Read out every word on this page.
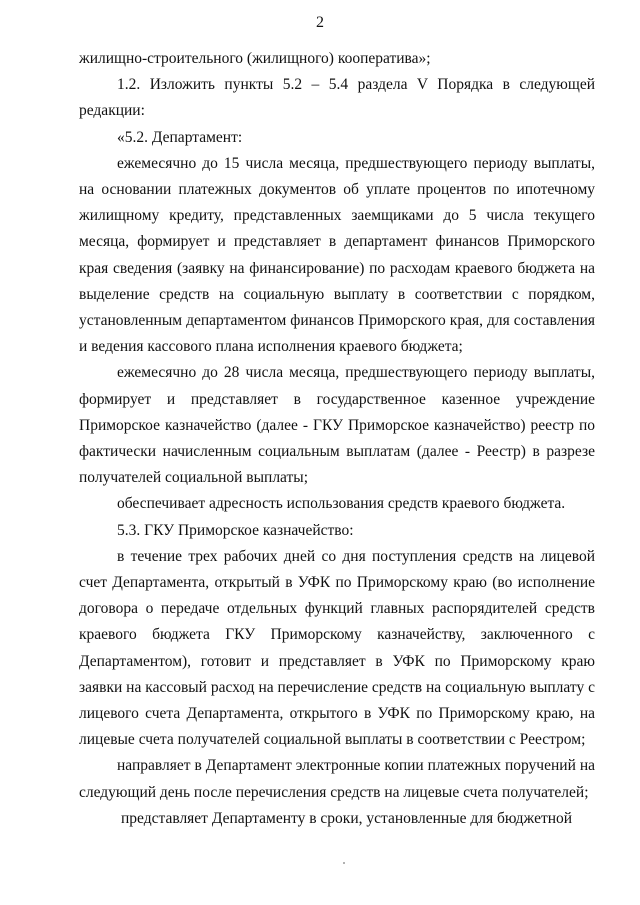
2

жилищно-строительного (жилищного) кооператива»;

1.2. Изложить пункты 5.2 – 5.4 раздела V Порядка в следующей редакции:

«5.2. Департамент:

ежемесячно до 15 числа месяца, предшествующего периоду выплаты, на основании платежных документов об уплате процентов по ипотечному жилищному кредиту, представленных заемщиками до 5 числа текущего месяца, формирует и представляет в департамент финансов Приморского края сведения (заявку на финансирование) по расходам краевого бюджета на выделение средств на социальную выплату в соответствии с порядком, установленным департаментом финансов Приморского края, для составления и ведения кассового плана исполнения краевого бюджета;

ежемесячно до 28 числа месяца, предшествующего периоду выплаты, формирует и представляет в государственное казенное учреждение Приморское казначейство (далее - ГКУ Приморское казначейство) реестр по фактически начисленным социальным выплатам (далее - Реестр) в разрезе получателей социальной выплаты;

обеспечивает адресность использования средств краевого бюджета.

5.3. ГКУ Приморское казначейство:

в течение трех рабочих дней со дня поступления средств на лицевой счет Департамента, открытый в УФК по Приморскому краю (во исполнение договора о передаче отдельных функций главных распорядителей средств краевого бюджета ГКУ Приморскому казначейству, заключенного с Департаментом), готовит и представляет в УФК по Приморскому краю заявки на кассовый расход на перечисление средств на социальную выплату с лицевого счета Департамента, открытого в УФК по Приморскому краю, на лицевые счета получателей социальной выплаты в соответствии с Реестром;

направляет в Департамент электронные копии платежных поручений на следующий день после перечисления средств на лицевые счета получателей;

представляет Департаменту в сроки, установленные для бюджетной
